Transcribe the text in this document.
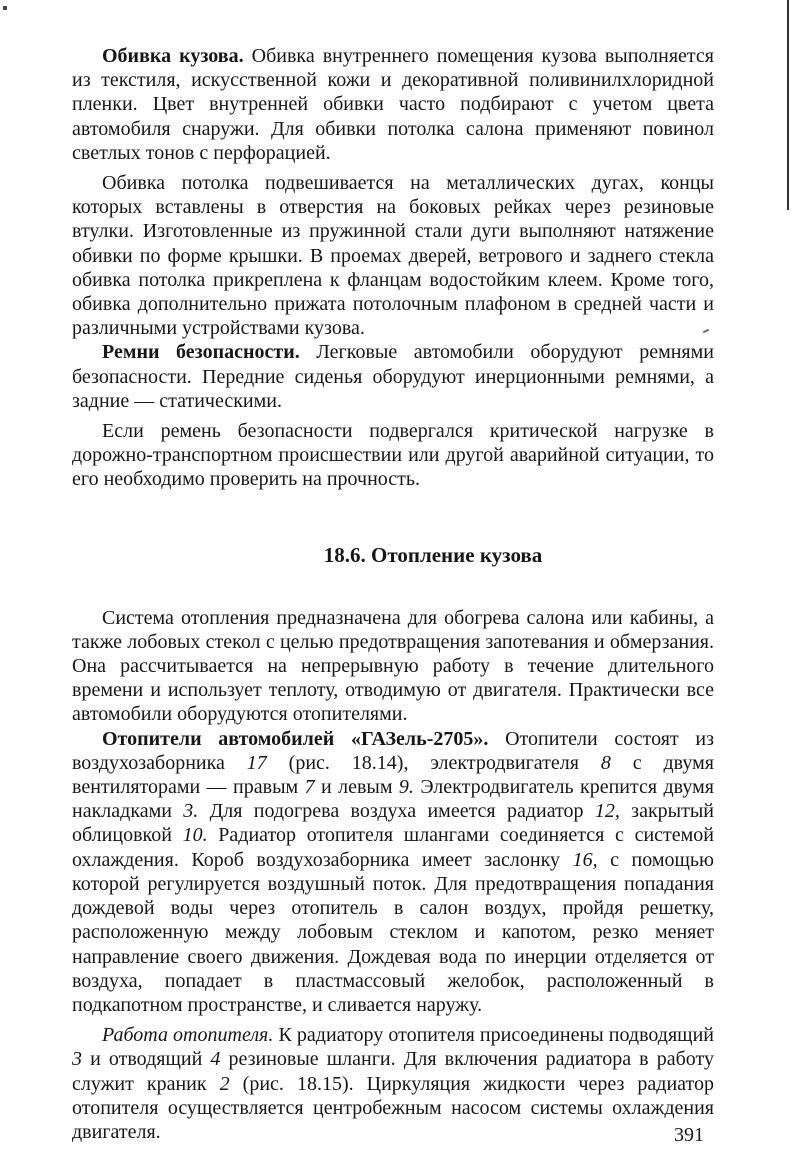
Обивка кузова. Обивка внутреннего помещения кузова выполняется из текстиля, искусственной кожи и декоративной поливинилхлоридной пленки. Цвет внутренней обивки часто подбирают с учетом цвета автомобиля снаружи. Для обивки потолка салона применяют повинол светлых тонов с перфорацией.

Обивка потолка подвешивается на металлических дугах, концы которых вставлены в отверстия на боковых рейках через резиновые втулки. Изготовленные из пружинной стали дуги выполняют натяжение обивки по форме крышки. В проемах дверей, ветрового и заднего стекла обивка потолка прикреплена к фланцам водостойким клеем. Кроме того, обивка дополнительно прижата потолочным плафоном в средней части и различными устройствами кузова.

Ремни безопасности. Легковые автомобили оборудуют ремнями безопасности. Передние сиденья оборудуют инерционными ремнями, а задние — статическими.

Если ремень безопасности подвергался критической нагрузке в дорожно-транспортном происшествии или другой аварийной ситуации, то его необходимо проверить на прочность.

18.6. Отопление кузова

Система отопления предназначена для обогрева салона или кабины, а также лобовых стекол с целью предотвращения запотевания и обмерзания. Она рассчитывается на непрерывную работу в течение длительного времени и использует теплоту, отводимую от двигателя. Практически все автомобили оборудуются отопителями.

Отопители автомобилей «ГАЗель-2705». Отопители состоят из воздухозаборника 17 (рис. 18.14), электродвигателя 8 с двумя вентиляторами — правым 7 и левым 9. Электродвигатель крепится двумя накладками 3. Для подогрева воздуха имеется радиатор 12, закрытый облицовкой 10. Радиатор отопителя шлангами соединяется с системой охлаждения. Короб воздухозаборника имеет заслонку 16, с помощью которой регулируется воздушный поток. Для предотвращения попадания дождевой воды через отопитель в салон воздух, пройдя решетку, расположенную между лобовым стеклом и капотом, резко меняет направление своего движения. Дождевая вода по инерции отделяется от воздуха, попадает в пластмассовый желобок, расположенный в подкапотном пространстве, и сливается наружу.

Работа отопителя. К радиатору отопителя присоединены подводящий 3 и отводящий 4 резиновые шланги. Для включения радиатора в работу служит краник 2 (рис. 18.15). Циркуляция жидкости через радиатор отопителя осуществляется центробежным насосом системы охлаждения двигателя.	391
